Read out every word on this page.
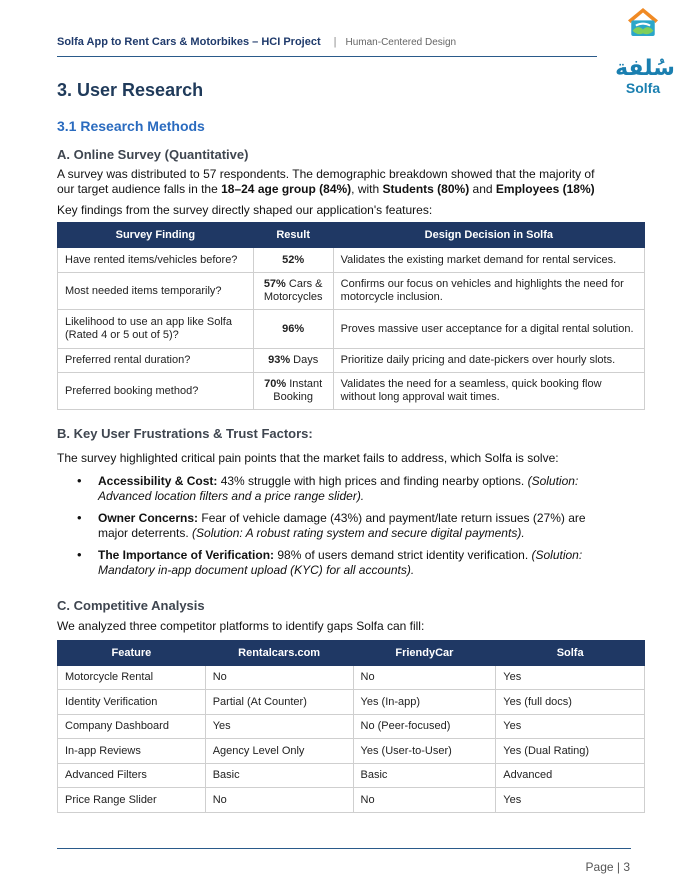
Solfa App to Rent Cars & Motorbikes – HCI Project | Human-Centered Design
سُلفة
Solfa
3. User Research
3.1 Research Methods
A. Online Survey (Quantitative)

A survey was distributed to 57 respondents. The demographic breakdown showed that the majority of
our target audience falls in the 18–24 age group (84%), with Students (80%) and Employees (18%)

Key findings from the survey directly shaped our application's features:

Survey Finding	Result	Design Decision in Solfa
Have rented items/vehicles before?	52%	Validates the existing market demand for rental services.
Most needed items temporarily?	57% Cars & Motorcycles	Confirms our focus on vehicles and highlights the need for motorcycle inclusion.
Likelihood to use an app like Solfa (Rated 4 or 5 out of 5)?	96%	Proves massive user acceptance for a digital rental solution.
Preferred rental duration?	93% Days	Prioritize daily pricing and date-pickers over hourly slots.
Preferred booking method?	70% Instant Booking	Validates the need for a seamless, quick booking flow without long approval wait times.
B. Key User Frustrations & Trust Factors:

The survey highlighted critical pain points that the market fails to address, which Solfa is solve:

• Accessibility & Cost: 43% struggle with high prices and finding nearby options. (Solution: Advanced location filters and a price range slider).
• Owner Concerns: Fear of vehicle damage (43%) and payment/late return issues (27%) are major deterrents. (Solution: A robust rating system and secure digital payments).
• The Importance of Verification: 98% of users demand strict identity verification. (Solution: Mandatory in-app document upload (KYC) for all accounts).
C. Competitive Analysis

We analyzed three competitor platforms to identify gaps Solfa can fill:

Feature	Rentalcars.com	FriendyCar	Solfa
Motorcycle Rental	No	No	Yes
Identity Verification	Partial (At Counter)	Yes (In-app)	Yes (full docs)
Company Dashboard	Yes	No (Peer-focused)	Yes
In-app Reviews	Agency Level Only	Yes (User-to-User)	Yes (Dual Rating)
Advanced Filters	Basic	Basic	Advanced
Price Range Slider	No	No	Yes
Page | 3
